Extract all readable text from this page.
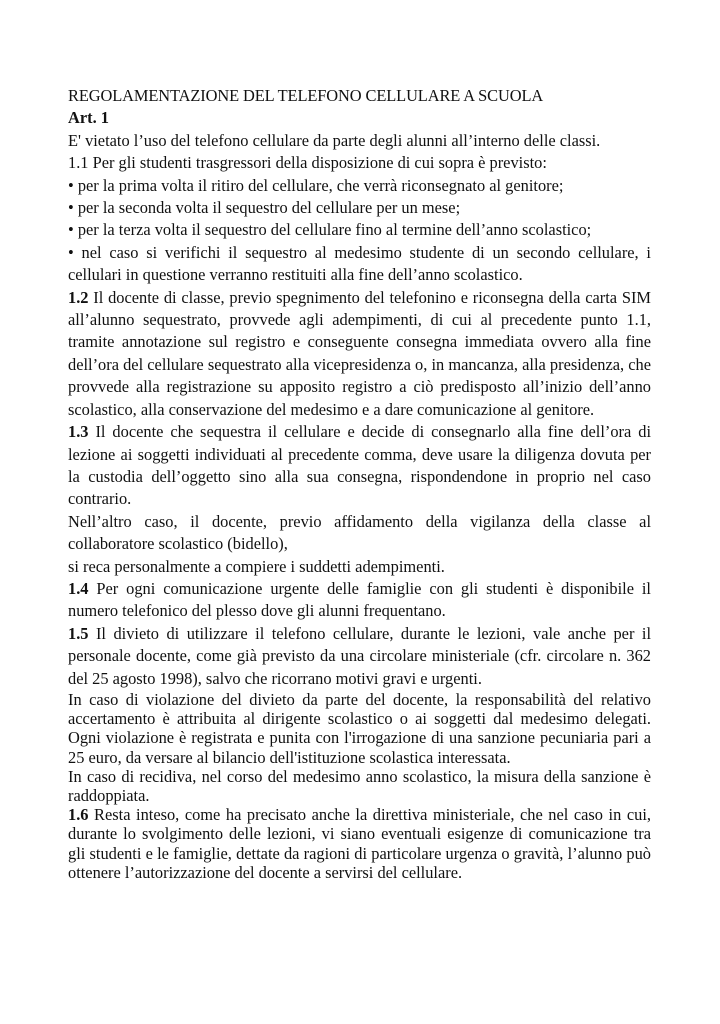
REGOLAMENTAZIONE DEL TELEFONO CELLULARE A SCUOLA

Art. 1

E' vietato l’uso del telefono cellulare da parte degli alunni all’interno delle classi.

1.1 Per gli studenti trasgressori della disposizione di cui sopra è previsto:

• per la prima volta il ritiro del cellulare, che verrà riconsegnato al genitore;

• per la seconda volta il sequestro del cellulare per un mese;

• per la terza volta il sequestro del cellulare fino al termine dell’anno scolastico;

• nel caso si verifichi il sequestro al medesimo studente di un secondo cellulare, i cellulari in questione verranno restituiti alla fine dell’anno scolastico.

1.2 Il docente di classe, previo spegnimento del telefonino e riconsegna della carta SIM all’alunno sequestrato, provvede agli adempimenti, di cui al precedente punto 1.1, tramite annotazione sul registro e conseguente consegna immediata ovvero alla fine dell’ora del cellulare sequestrato alla vicepresidenza o, in mancanza, alla presidenza, che provvede alla registrazione su apposito registro a ciò predisposto all’inizio dell’anno scolastico, alla conservazione del medesimo e a dare comunicazione al genitore.

1.3 Il docente che sequestra il cellulare e decide di consegnarlo alla fine dell’ora di lezione ai soggetti individuati al precedente comma, deve usare la diligenza dovuta per la custodia dell’oggetto sino alla sua consegna, rispondendone in proprio nel caso contrario.

Nell’altro caso, il docente, previo affidamento della vigilanza della classe al collaboratore scolastico (bidello),

si reca personalmente a compiere i suddetti adempimenti.

1.4 Per ogni comunicazione urgente delle famiglie con gli studenti è disponibile il numero telefonico del plesso dove gli alunni frequentano.

1.5 Il divieto di utilizzare il telefono cellulare, durante le lezioni, vale anche per il personale docente, come già previsto da una circolare ministeriale (cfr. circolare n. 362 del 25 agosto 1998), salvo che ricorrano motivi gravi e urgenti.

In caso di violazione del divieto da parte del docente, la responsabilità del relativo accertamento è attribuita al dirigente scolastico o ai soggetti dal medesimo delegati. Ogni violazione è registrata e punita con l'irrogazione di una sanzione pecuniaria pari a 25 euro, da versare al bilancio dell'istituzione scolastica interessata.

In caso di recidiva, nel corso del medesimo anno scolastico, la misura della sanzione è raddoppiata.

1.6 Resta inteso, come ha precisato anche la direttiva ministeriale, che nel caso in cui, durante lo svolgimento delle lezioni, vi siano eventuali esigenze di comunicazione tra gli studenti e le famiglie, dettate da ragioni di particolare urgenza o gravità, l’alunno può ottenere l’autorizzazione del docente a servirsi del cellulare.
